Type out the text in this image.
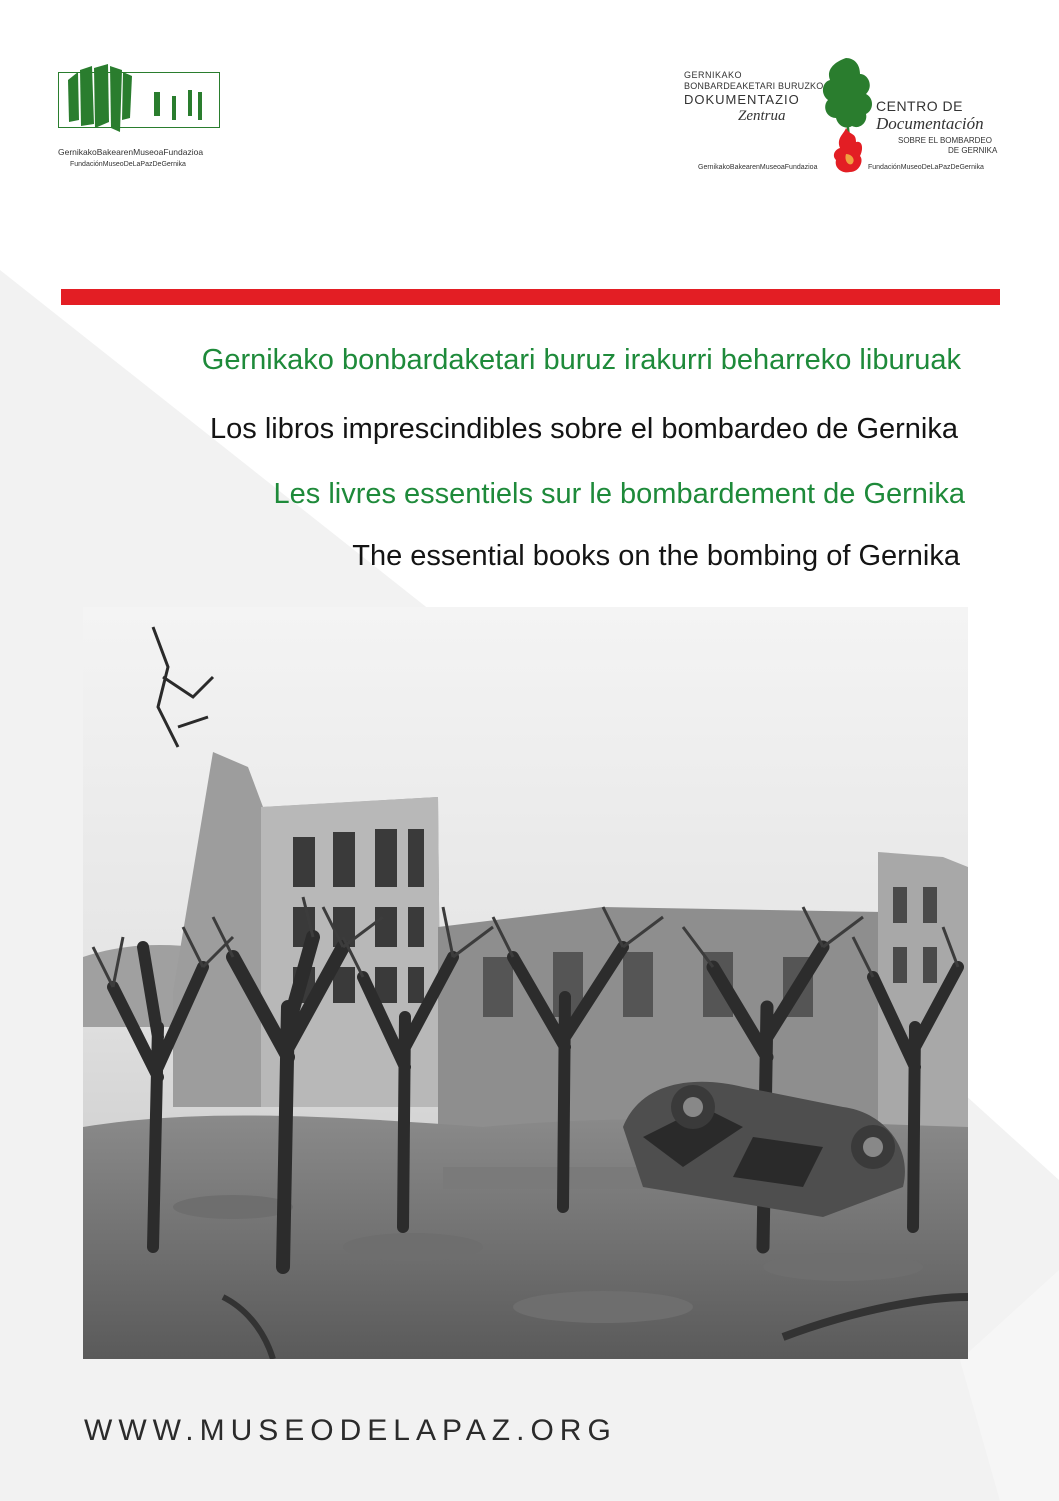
GernikakoBakearenMuseoaFundazioa
FundaciónMuseoDeLaPazDeGernika
GERNIKAKO
BONBARDEAKETARI BURUZKO
DOKUMENTAZIO
Zentrua
CENTRO DE
Documentación
SOBRE EL BOMBARDEO
DE GERNIKA
GernikakoBakearenMuseoaFundazioa	FundaciónMuseoDeLaPazDeGernika
Gernikako bonbardaketari buruz irakurri beharreko liburuak
Los libros imprescindibles sobre el bombardeo de Gernika
Les livres essentiels sur le bombardement de Gernika
The essential books on the bombing of Gernika
WWW.MUSEODELAPAZ.ORG
